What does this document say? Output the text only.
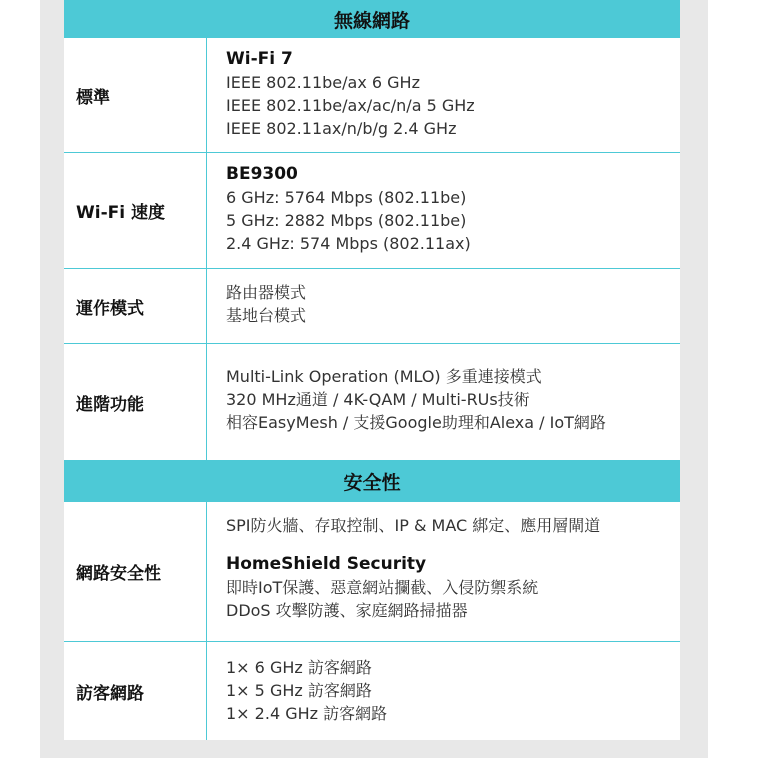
無線網路
標準
Wi-Fi 7
IEEE 802.11be/ax 6 GHz
IEEE 802.11be/ax/ac/n/a 5 GHz
IEEE 802.11ax/n/b/g 2.4 GHz
Wi-Fi 速度
BE9300
6 GHz: 5764 Mbps (802.11be)
5 GHz: 2882 Mbps (802.11be)
2.4 GHz: 574 Mbps (802.11ax)
運作模式
路由器模式
基地台模式
進階功能
Multi-Link Operation (MLO) 多重連接模式
320 MHz通道 / 4K-QAM / Multi-RUs技術
相容EasyMesh / 支援Google助理和Alexa / IoT網路
安全性
網路安全性
SPI防火牆、存取控制、IP & MAC 綁定、應用層閘道
HomeShield Security
即時IoT保護、惡意網站攔截、入侵防禦系統
DDoS 攻擊防護、家庭網路掃描器
訪客網路
1× 6 GHz 訪客網路
1× 5 GHz 訪客網路
1× 2.4 GHz 訪客網路
